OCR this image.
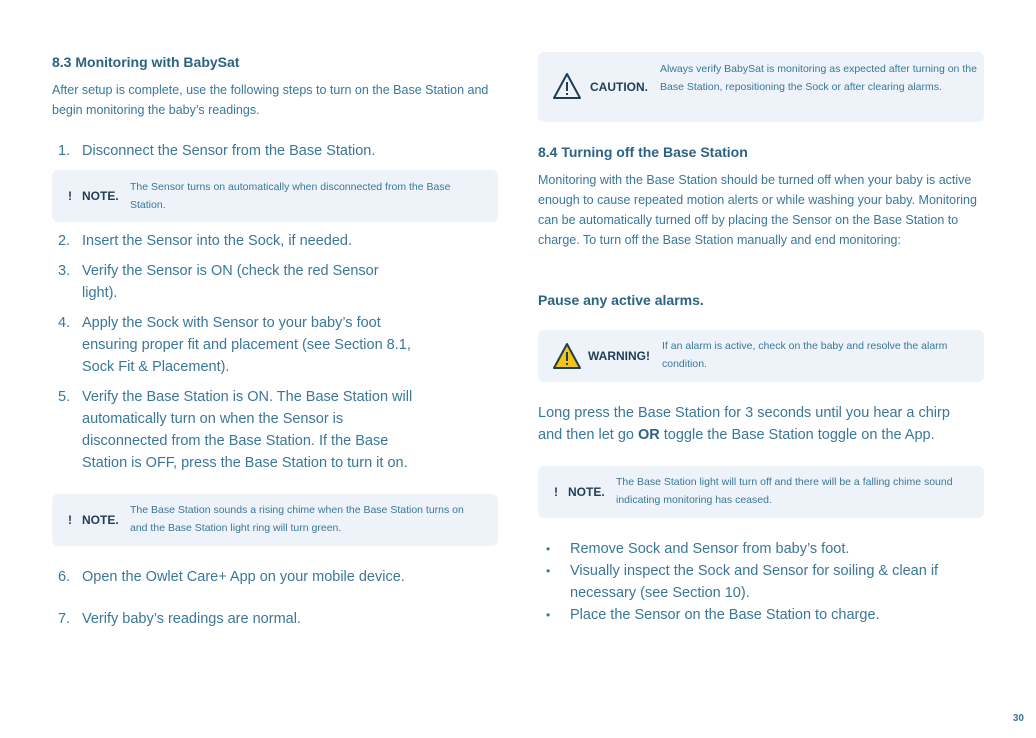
8.3 Monitoring with BabySat
After setup is complete, use the following steps to turn on the Base Station and begin monitoring the baby’s readings.
1. Disconnect the Sensor from the Base Station.
! NOTE.
The Sensor turns on automatically when disconnected from the Base Station.
2. Insert the Sensor into the Sock, if needed.
3. Verify the Sensor is ON (check the red Sensor light).
4. Apply the Sock with Sensor to your baby’s foot ensuring proper fit and placement (see Section 8.1, Sock Fit & Placement).
5. Verify the Base Station is ON. The Base Station will automatically turn on when the Sensor is disconnected from the Base Station. If the Base Station is OFF, press the Base Station to turn it on.
! NOTE.
The Base Station sounds a rising chime when the Base Station turns on and the Base Station light ring will turn green.
6. Open the Owlet Care+ App on your mobile device.
7. Verify baby’s readings are normal.
CAUTION.
Always verify BabySat is monitoring as expected after turning on the Base Station, repositioning the Sock or after clearing alarms.
8.4 Turning off the Base Station
Monitoring with the Base Station should be turned off when your baby is active enough to cause repeated motion alerts or while washing your baby. Monitoring can be automatically turned off by placing the Sensor on the Base Station to charge. To turn off the Base Station manually and end monitoring:
Pause any active alarms.
WARNING!
If an alarm is active, check on the baby and resolve the alarm condition.
Long press the Base Station for 3 seconds until you hear a chirp and then let go OR toggle the Base Station toggle on the App.
! NOTE.
The Base Station light will turn off and there will be a falling chime sound indicating monitoring has ceased.
• Remove Sock and Sensor from baby’s foot.
• Visually inspect the Sock and Sensor for soiling & clean if necessary (see Section 10).
• Place the Sensor on the Base Station to charge.
30
